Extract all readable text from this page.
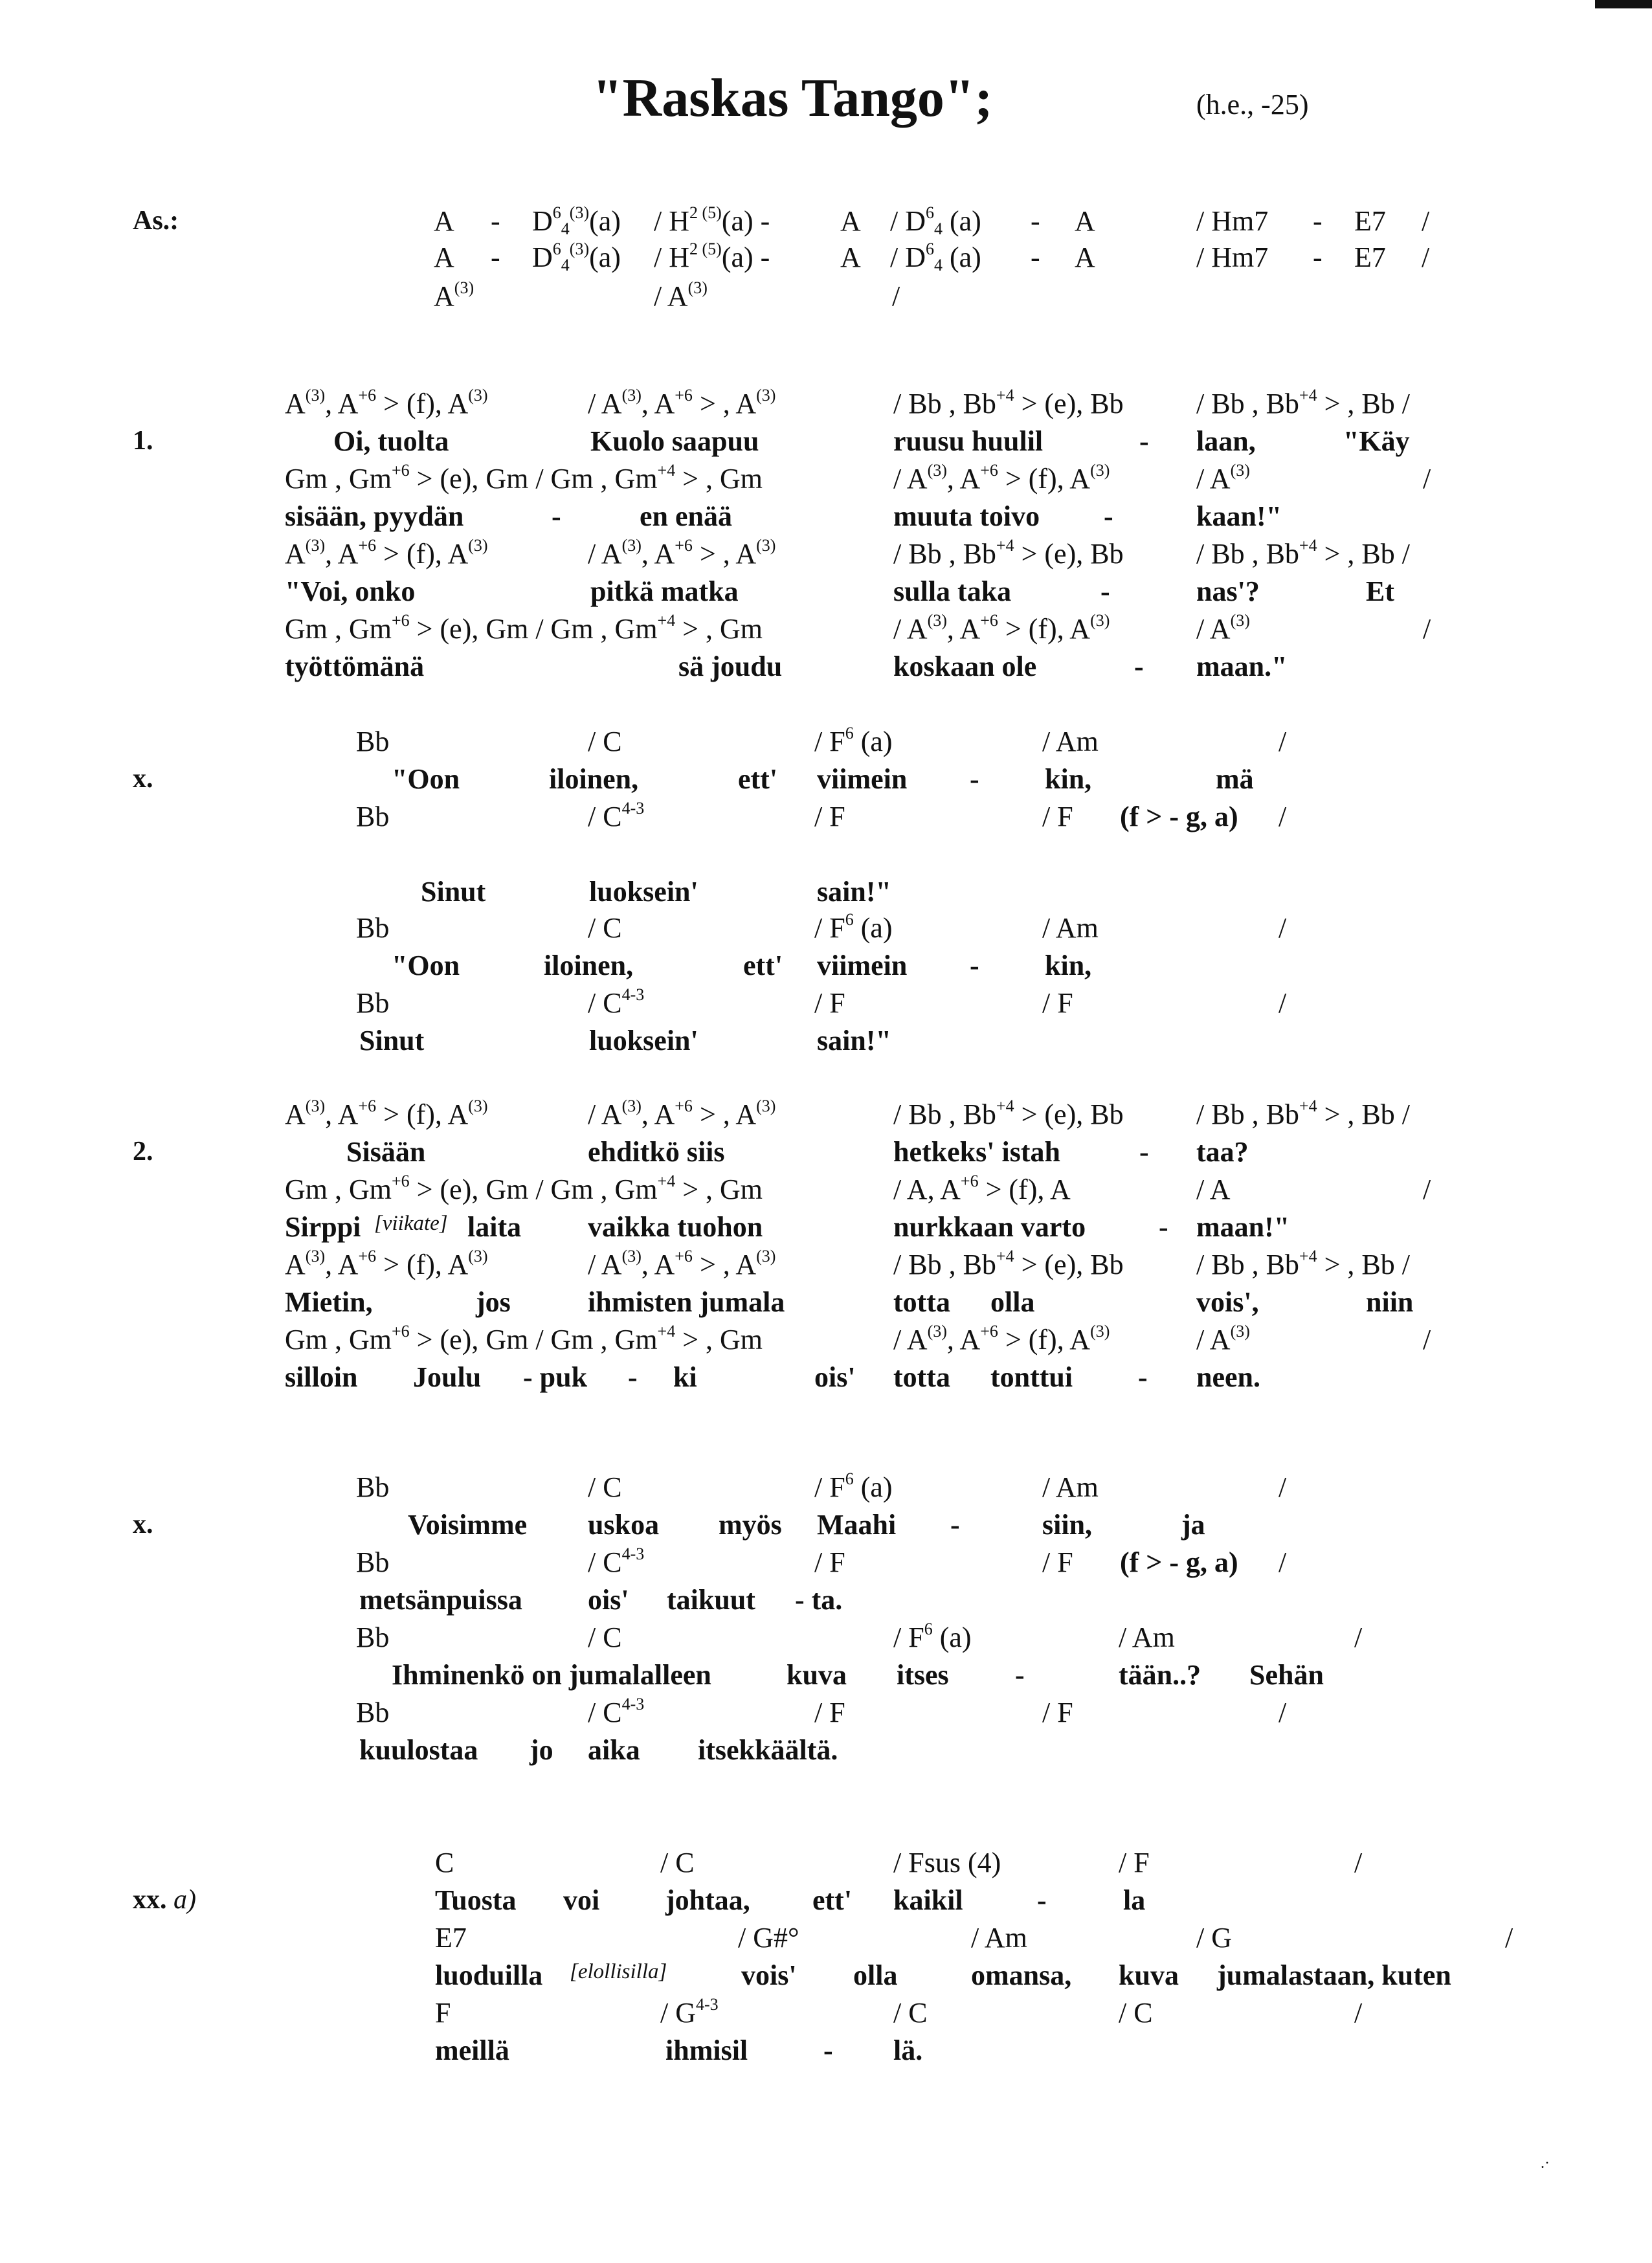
"Raskas Tango";	(h.e., -25)
.·
As.:	A - $D^6_4^{(3)}(a) / H^{2 (5)}(a)$ - A / $D^6_4$ (a) - A	/ Hm7 - E7 /
A - $D^6_4^{(3)}(a) / H^{2 (5)}(a)$ - A / $D^6_4$ (a) - A	/ Hm7 - E7 /
$A^{(3)}$	/ $A^{(3)}$	/
$A^{(3)}$, $A^{+6} > (f)$, $A^{(3)}$	/ $A^{(3)}$, $A^{+6}$ > , $A^{(3)}$	/ Bb , $Bb^{+4} > (e)$, Bb	/ Bb , $Bb^{+4}$ > , Bb /
1.	Oi, tuolta	Kuolo saapuu	ruusu huulil	- laan,	"Käy
Gm , $Gm^{+6} > (e)$, Gm / Gm , $Gm^{+4}$ > , Gm	/ $A^{(3)}$, $A^{+6} > (f)$, $A^{(3)}$	/ $A^{(3)}$	/
sisään, pyydän	-	en enää	muuta toivo -	kaan!"
$A^{(3)}$, $A^{+6} > (f)$, $A^{(3)}$	/ $A^{(3)}$, $A^{+6}$ > , $A^{(3)}$	/ Bb , $Bb^{+4} > (e)$, Bb	/ Bb , $Bb^{+4}$ > , Bb /
"Voi, onko	pitkä matka	sulla taka	-	nas'?	Et
Gm , $Gm^{+6} > (e)$, Gm / Gm , $Gm^{+4}$ > , Gm	/ $A^{(3)}$, $A^{+6} > (f)$, $A^{(3)}$	/ $A^{(3)}$	/
työttömänä	sä joudu	koskaan ole	- maan."
Bb	/ C	/ $F^6$ (a)	/ Am	/
x.	"Oon	iloinen,	ett' viimein - kin,	mä
Bb	/ $C^{4-3}$	/ F	/ F (f > - g, a) /
Sinut	luoksein'	sain!"
Bb	/ C	/ $F^6$ (a)	/ Am	/
"Oon	iloinen,	ett' viimein - kin,
Bb	/ $C^{4-3}$	/ F	/ F	/
Sinut	luoksein'	sain!"
$A^{(3)}$, $A^{+6} > (f)$, $A^{(3)}$	/ $A^{(3)}$, $A^{+6}$ > , $A^{(3)}$	/ Bb , $Bb^{+4} > (e)$, Bb	/ Bb , $Bb^{+4}$ > , Bb /
2.	Sisään	ehditkö siis	hetkeks' istah	- taa?
Gm , $Gm^{+6} > (e)$, Gm / Gm , $Gm^{+4}$ > , Gm	/ A, $A^{+6} > (f)$, A	/ A	/
Sirppi [viikate] laita vaikka tuohon	nurkkaan varto	- maan!"
$A^{(3)}$, $A^{+6} > (f)$, $A^{(3)}$	/ $A^{(3)}$, $A^{+6}$ > , $A^{(3)}$	/ Bb , $Bb^{+4} > (e)$, Bb	/ Bb , $Bb^{+4}$ > , Bb /
Mietin,	jos	ihmisten jumala	totta olla	vois',	niin
Gm , $Gm^{+6} > (e)$, Gm / Gm , $Gm^{+4}$ > , Gm	/ $A^{(3)}$, $A^{+6} > (f)$, $A^{(3)}$	/ $A^{(3)}$	/
silloin Joulu - puk - ki	ois' totta tonttui - neen.
Bb	/ C	/ $F^6$ (a)	/ Am	/
x.	Voisimme uskoa myös Maahi -	siin,	ja
Bb	/ $C^{4-3}$	/ F	/ F (f > - g, a) /
metsänpuissa ois' taikuut - ta.
Bb	/ C	/ $F^6$ (a)	/ Am	/
Ihminenkö on jumalalleen	kuva itses -	tään..? Sehän
Bb	/ $C^{4-3}$	/ F	/ F	/
kuulostaa jo aika itsekkäältä.
C	/ C	/ Fsus (4)	/ F	/
xx. a)	Tuosta voi johtaa, ett' kaikil	-	la
E7	/ G#°	/ Am	/ G	/
luoduilla [elollisilla]	vois' olla	omansa, kuva jumalastaan, kuten
F	/ $G^{4-3}$	/ C	/ C	/
meillä	ihmisil	- lä.
